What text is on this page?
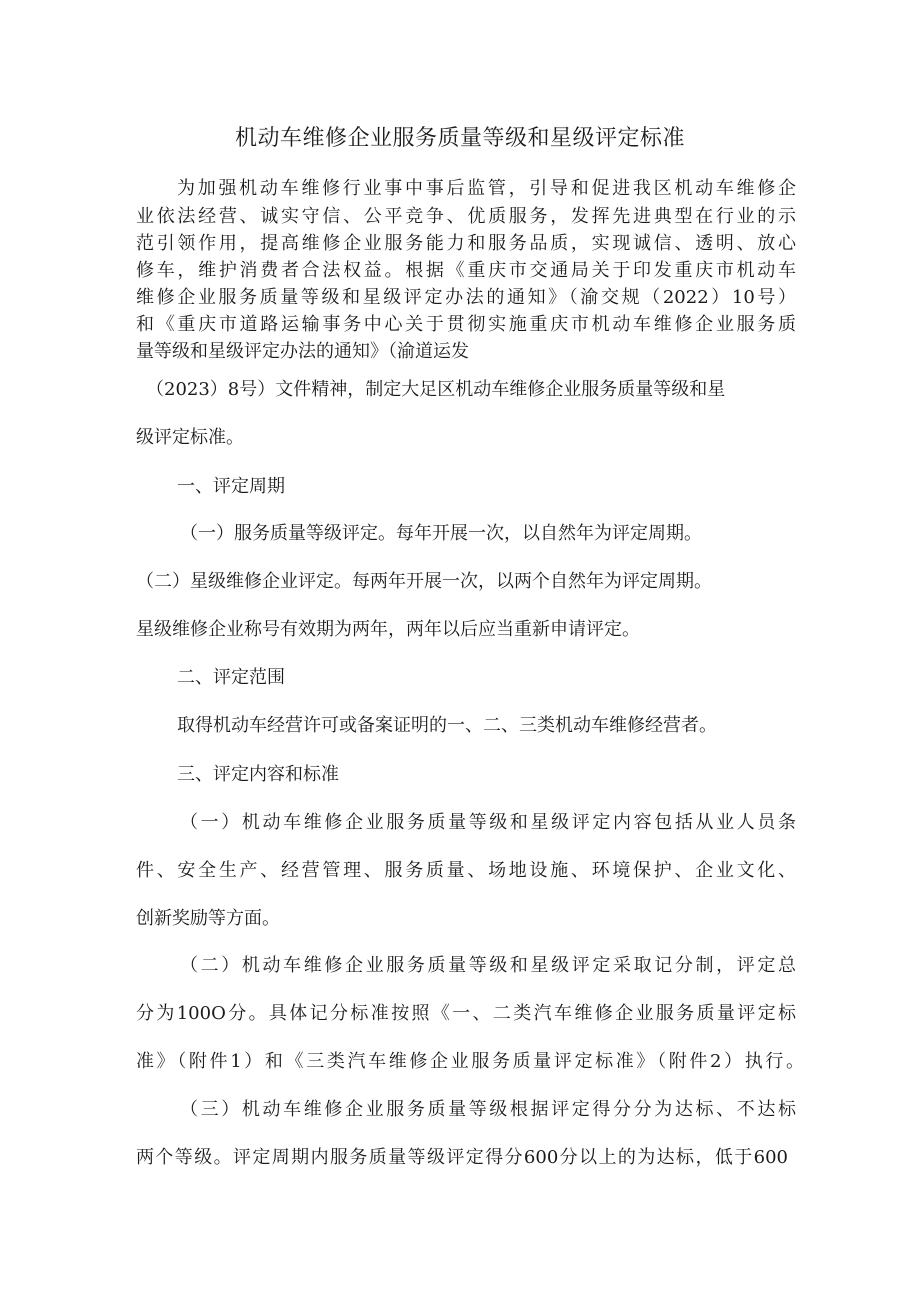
机动车维修企业服务质量等级和星级评定标准

为加强机动车维修行业事中事后监管，引导和促进我区机动车维修企

业依法经营、诚实守信、公平竞争、优质服务，发挥先进典型在行业的示

范引领作用，提高维修企业服务能力和服务品质，实现诚信、透明、放心

修车，维护消费者合法权益。根据《重庆市交通局关于印发重庆市机动车

维修企业服务质量等级和星级评定办法的通知》（渝交规（2022）10号）

和《重庆市道路运输事务中心关于贯彻实施重庆市机动车维修企业服务质

量等级和星级评定办法的通知》（渝道运发

（2023）8号）文件精神，制定大足区机动车维修企业服务质量等级和星

级评定标准。

一、评定周期

（一）服务质量等级评定。每年开展一次，以自然年为评定周期。

（二）星级维修企业评定。每两年开展一次，以两个自然年为评定周期。

星级维修企业称号有效期为两年，两年以后应当重新申请评定。

二、评定范围

取得机动车经营许可或备案证明的一、二、三类机动车维修经营者。

三、评定内容和标准

（一）机动车维修企业服务质量等级和星级评定内容包括从业人员条

件、安全生产、经营管理、服务质量、场地设施、环境保护、企业文化、

创新奖励等方面。

（二）机动车维修企业服务质量等级和星级评定采取记分制，评定总

分为100O分。具体记分标准按照《一、二类汽车维修企业服务质量评定标

准》（附件1）和《三类汽车维修企业服务质量评定标准》（附件2）执行。

（三）机动车维修企业服务质量等级根据评定得分分为达标、不达标

两个等级。评定周期内服务质量等级评定得分600分以上的为达标，低于600
